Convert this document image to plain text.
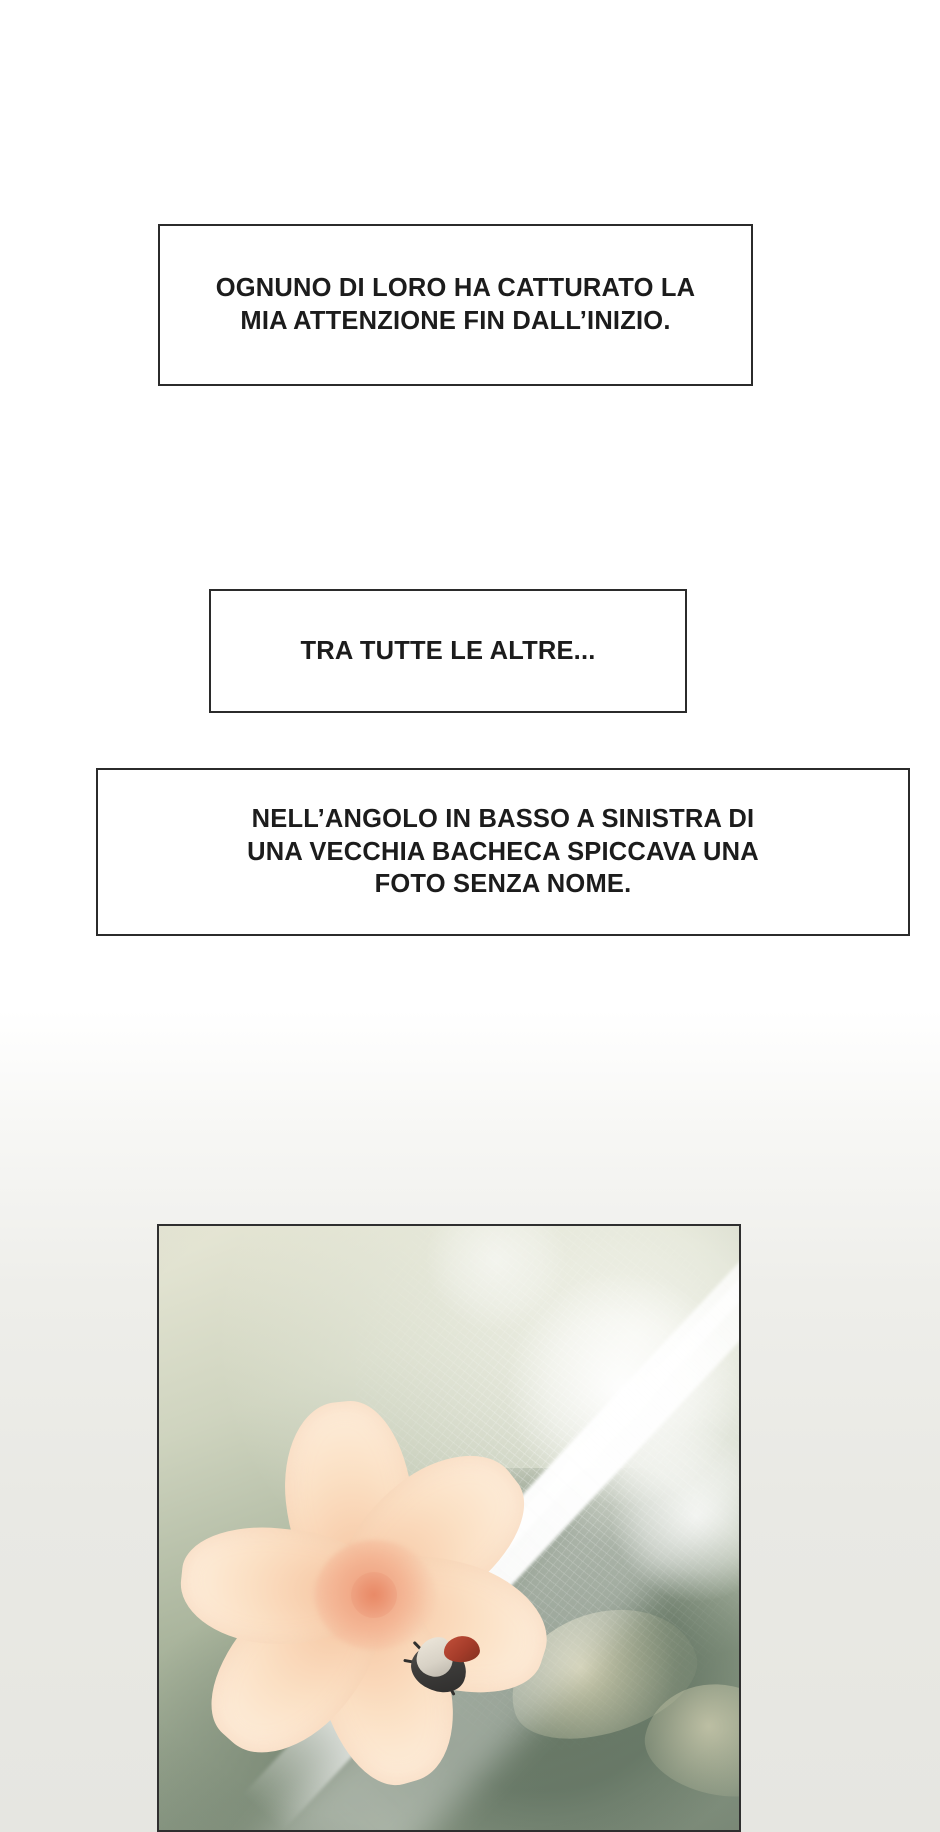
OGNUNO DI LORO HA CATTURATO LA
MIA ATTENZIONE FIN DALL’INIZIO.
TRA TUTTE LE ALTRE...
NELL’ANGOLO IN BASSO A SINISTRA DI
UNA VECCHIA BACHECA SPICCAVA UNA
FOTO SENZA NOME.
